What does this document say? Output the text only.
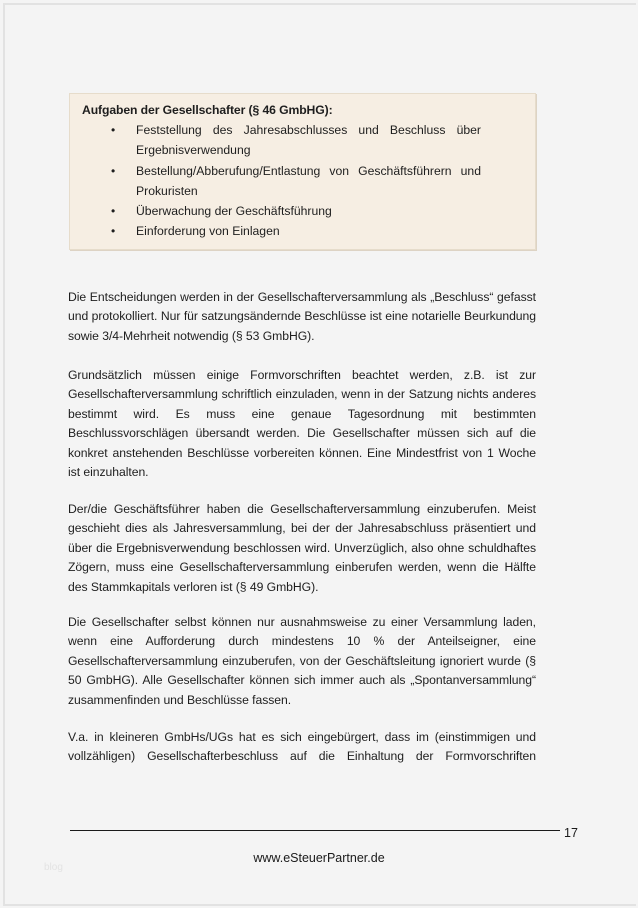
Aufgaben der Gesellschafter (§ 46 GmbHG):

• Feststellung des Jahresabschlusses und Beschluss über Ergebnisverwendung
• Bestellung/Abberufung/Entlastung von Geschäftsführern und Prokuristen
• Überwachung der Geschäftsführung
• Einforderung von Einlagen

Die Entscheidungen werden in der Gesellschafterversammlung als „Beschluss“ gefasst und protokolliert. Nur für satzungsändernde Beschlüsse ist eine notarielle Beurkundung sowie 3/4-Mehrheit notwendig (§ 53 GmbHG).

Grundsätzlich müssen einige Formvorschriften beachtet werden, z.B. ist zur Gesellschafterversammlung schriftlich einzuladen, wenn in der Satzung nichts anderes bestimmt wird. Es muss eine genaue Tagesordnung mit bestimmten Beschlussvorschlägen übersandt werden. Die Gesellschafter müssen sich auf die konkret anstehenden Beschlüsse vorbereiten können. Eine Mindestfrist von 1 Woche ist einzuhalten.

Der/die Geschäftsführer haben die Gesellschafterversammlung einzuberufen. Meist geschieht dies als Jahresversammlung, bei der der Jahresabschluss präsentiert und über die Ergebnisverwendung beschlossen wird. Unverzüglich, also ohne schuldhaftes Zögern, muss eine Gesellschafterversammlung einberufen werden, wenn die Hälfte des Stammkapitals verloren ist (§ 49 GmbHG).

Die Gesellschafter selbst können nur ausnahmsweise zu einer Versammlung laden, wenn eine Aufforderung durch mindestens 10 % der Anteilseigner, eine Gesellschafterversammlung einzuberufen, von der Geschäftsleitung ignoriert wurde (§ 50 GmbHG). Alle Gesellschafter können sich immer auch als „Spontanversammlung“ zusammenfinden und Beschlüsse fassen.

V.a. in kleineren GmbHs/UGs hat es sich eingebürgert, dass im (einstimmigen und vollzähligen) Gesellschafterbeschluss auf die Einhaltung der Formvorschriften

17
blog
www.eSteuerPartner.de
